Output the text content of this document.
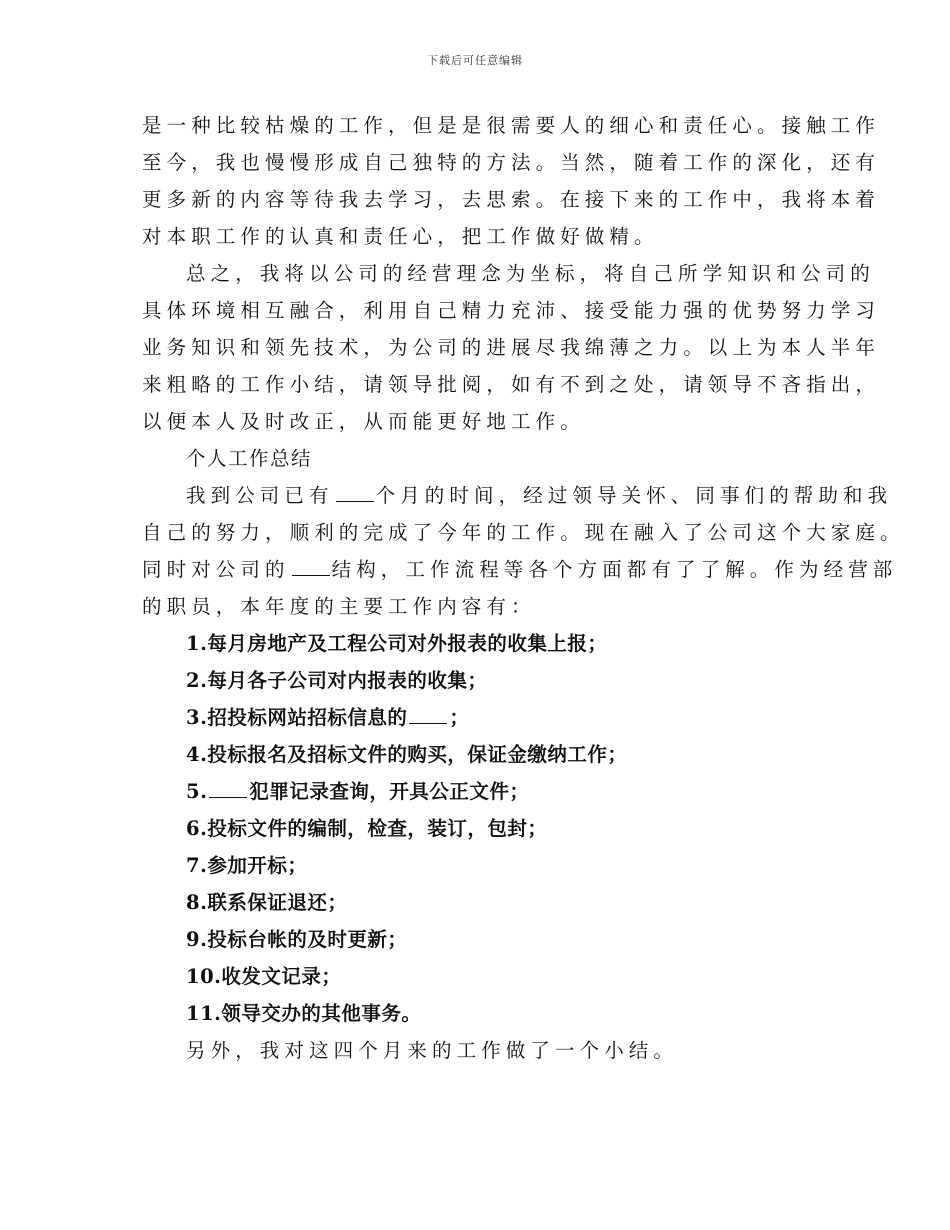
下载后可任意编辑
是一种比较枯燥的工作，但是是很需要人的细心和责任心。接触工作
至今，我也慢慢形成自己独特的方法。当然，随着工作的深化，还有
更多新的内容等待我去学习，去思索。在接下来的工作中，我将本着
对本职工作的认真和责任心，把工作做好做精。
总之，我将以公司的经营理念为坐标，将自己所学知识和公司的
具体环境相互融合，利用自己精力充沛、接受能力强的优势努力学习
业务知识和领先技术，为公司的进展尽我绵薄之力。以上为本人半年
来粗略的工作小结，请领导批阅，如有不到之处，请领导不吝指出，
以便本人及时改正，从而能更好地工作。
个人工作总结
我到公司已有 个月的时间，经过领导关怀、同事们的帮助和我
自己的努力，顺利的完成了今年的工作。现在融入了公司这个大家庭。
同时对公司的 结构，工作流程等各个方面都有了了解。作为经营部
的职员，本年度的主要工作内容有：
1.每月房地产及工程公司对外报表的收集上报；
2.每月各子公司对内报表的收集；
3.招投标网站招标信息的 ；
4.投标报名及招标文件的购买，保证金缴纳工作；
5. 犯罪记录查询，开具公正文件；
6.投标文件的编制，检查，装订，包封；
7.参加开标；
8.联系保证退还；
9.投标台帐的及时更新；
10.收发文记录；
11.领导交办的其他事务。
另外，我对这四个月来的工作做了一个小结。
